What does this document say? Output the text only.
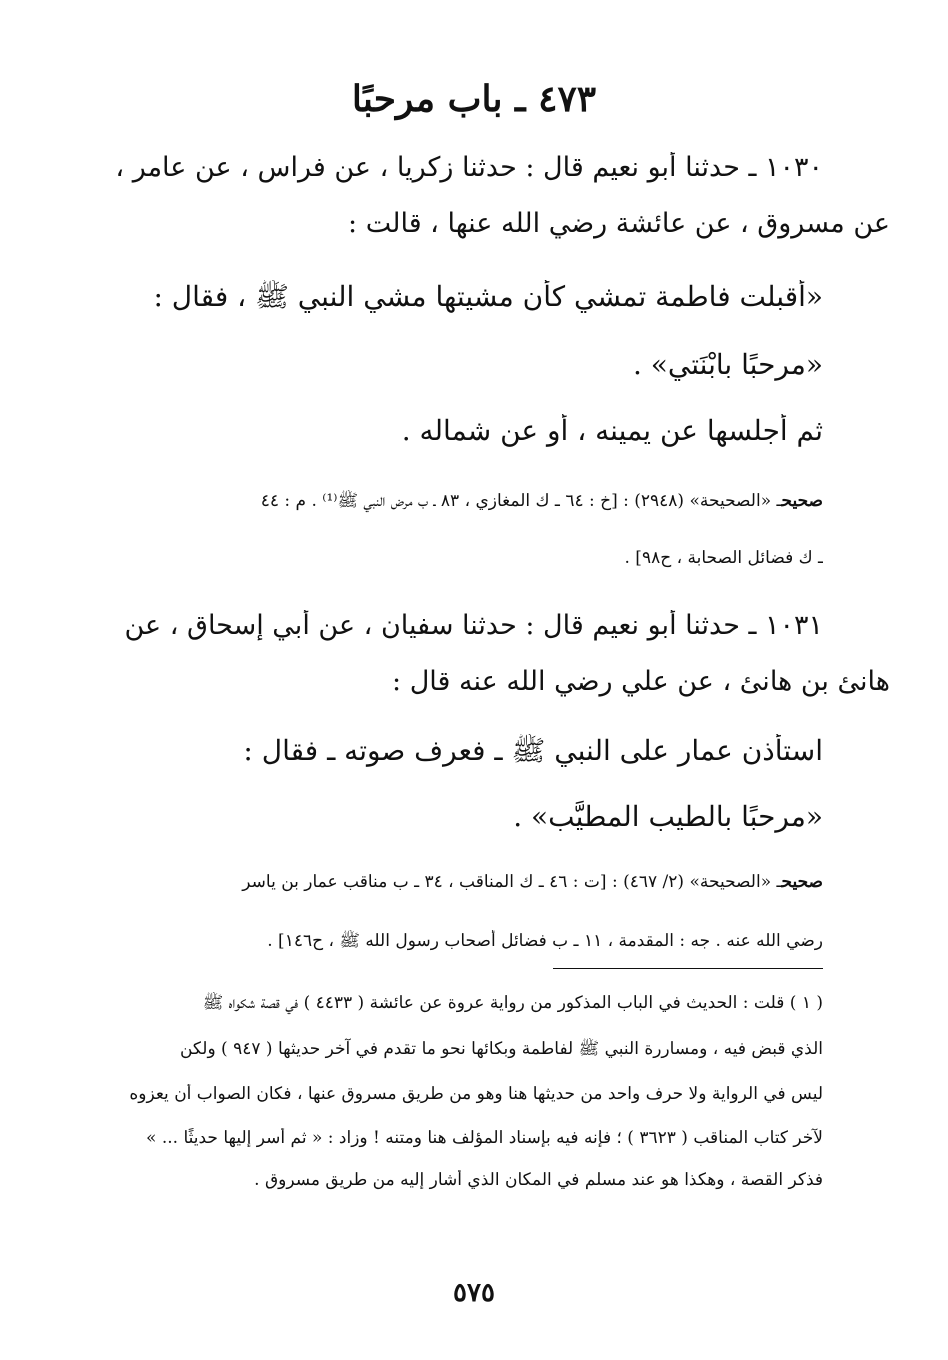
٤٧٣ ـ باب مرحبًا
١٠٣٠ ـ حدثنا أبو نعيم قال : حدثنا زكريا ، عن فراس ، عن عامر ،
عن مسروق ، عن عائشة رضي الله عنها ، قالت :
«أقبلت فاطمة تمشي كأن مشيتها مشي النبي ﷺ ، فقال :
«مرحبًا بابْنَتي» .
ثم أجلسها عن يمينه ، أو عن شماله .
صحيحـ «الصحيحة» (٢٩٤٨) : [خ : ٦٤ ـ ك المغازي ، ٨٣ ـ ب مرض النبي ﷺ⁽¹⁾ . م : ٤٤
ـ ك فضائل الصحابة ، ح٩٨] .
١٠٣١ ـ حدثنا أبو نعيم قال : حدثنا سفيان ، عن أبي إسحاق ، عن
هانئ بن هانئ ، عن علي رضي الله عنه قال :
استأذن عمار على النبي ﷺ ـ فعرف صوته ـ فقال :
«مرحبًا بالطيب المطيَّب» .
صحيحـ «الصحيحة» (٢/ ٤٦٧) : [ت : ٤٦ ـ ك المناقب ، ٣٤ ـ ب مناقب عمار بن ياسر
رضي الله عنه . جه : المقدمة ، ١١ ـ ب فضائل أصحاب رسول الله ﷺ ، ح١٤٦] .
( ١ ) قلت : الحديث في الباب المذكور من رواية عروة عن عائشة ( ٤٤٣٣ ) في قصة شكواه ﷺ
الذي قبض فيه ، ومساررة النبي ﷺ لفاطمة وبكائها نحو ما تقدم في آخر حديثها ( ٩٤٧ ) ولكن
ليس في الرواية ولا حرف واحد من حديثها هنا وهو من طريق مسروق عنها ، فكان الصواب أن يعزوه
لآخر كتاب المناقب ( ٣٦٢٣ ) ؛ فإنه فيه بإسناد المؤلف هنا ومتنه ! وزاد : « ثم أسر إليها حديثًا ... »
فذكر القصة ، وهكذا هو عند مسلم في المكان الذي أشار إليه من طريق مسروق .
٥٧٥
